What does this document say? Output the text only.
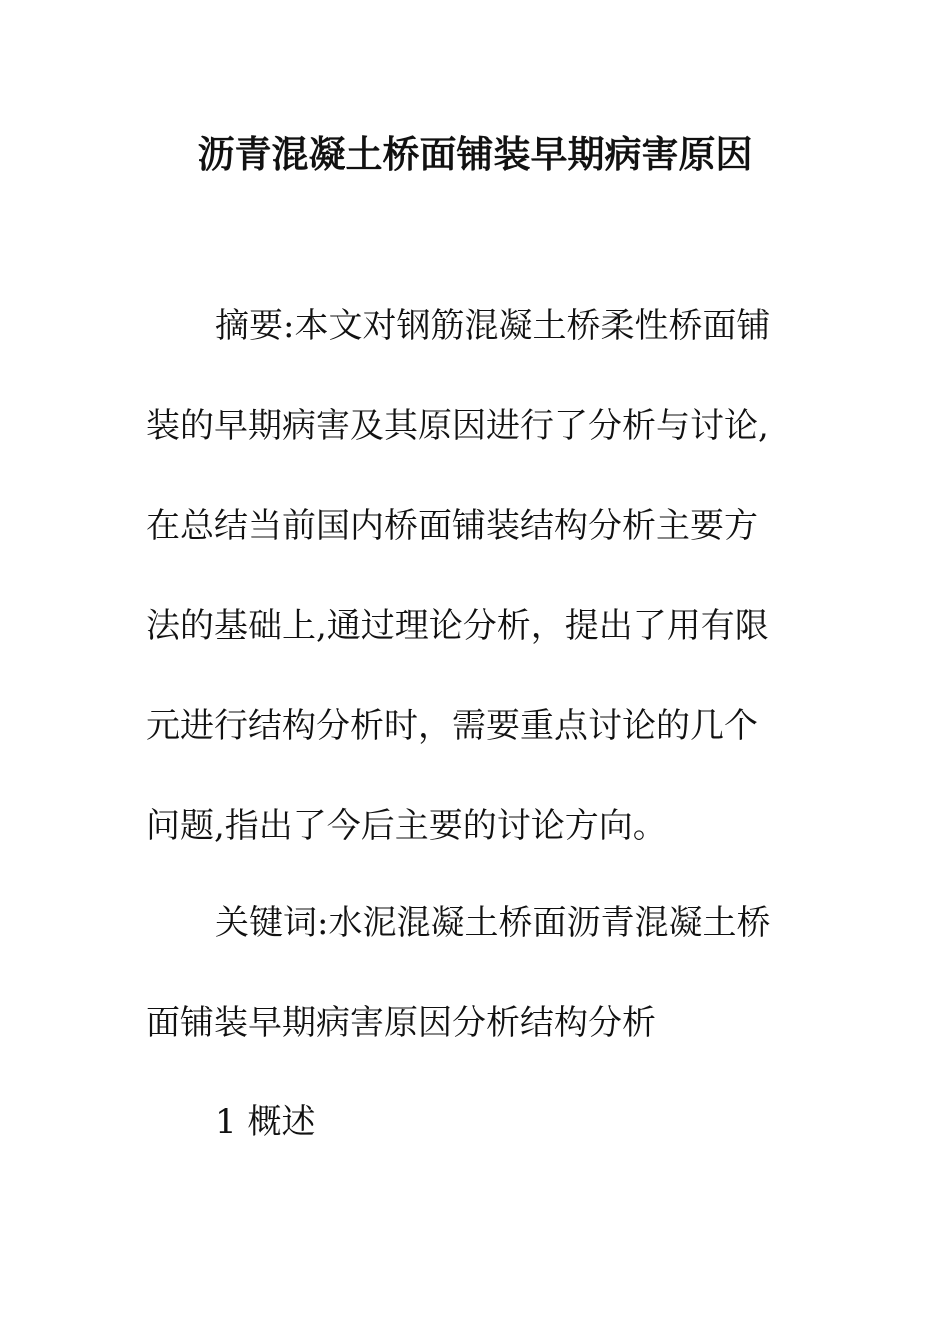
沥青混凝土桥面铺装早期病害原因

摘要:本文对钢筋混凝土桥柔性桥面铺

装的早期病害及其原因进行了分析与讨论,

在总结当前国内桥面铺装结构分析主要方

法的基础上,通过理论分析，提出了用有限

元进行结构分析时，需要重点讨论的几个

问题,指出了今后主要的讨论方向。

关键词:水泥混凝土桥面沥青混凝土桥

面铺装早期病害原因分析结构分析

1 概述
